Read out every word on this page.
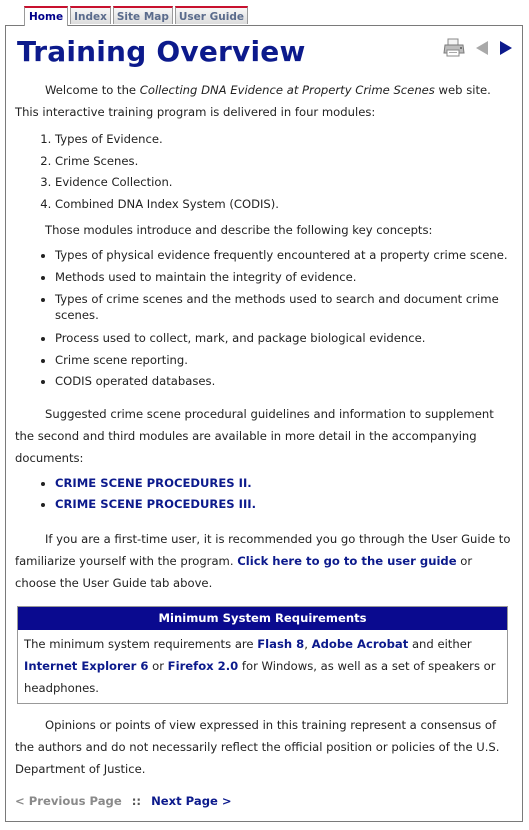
Home	Index Site Map User Guide
Training Overview

Welcome to the Collecting DNA Evidence at Property Crime Scenes web site. This interactive training program is delivered in four modules:

1. Types of Evidence.
2. Crime Scenes.
3. Evidence Collection.
4. Combined DNA Index System (CODIS).

Those modules introduce and describe the following key concepts:

• Types of physical evidence frequently encountered at a property crime scene.
• Methods used to maintain the integrity of evidence.
• Types of crime scenes and the methods used to search and document crime scenes.
• Process used to collect, mark, and package biological evidence.
• Crime scene reporting.
• CODIS operated databases.

Suggested crime scene procedural guidelines and information to supplement the second and third modules are available in more detail in the accompanying documents:

• CRIME SCENE PROCEDURES II.
• CRIME SCENE PROCEDURES III.

If you are a first-time user, it is recommended you go through the User Guide to familiarize yourself with the program. Click here to go to the user guide or choose the User Guide tab above.

Minimum System Requirements
The minimum system requirements are Flash 8, Adobe Acrobat and either Internet Explorer 6 or Firefox 2.0 for Windows, as well as a set of speakers or headphones.

Opinions or points of view expressed in this training represent a consensus of the authors and do not necessarily reflect the official position or policies of the U.S. Department of Justice.

< Previous Page :: Next Page >
